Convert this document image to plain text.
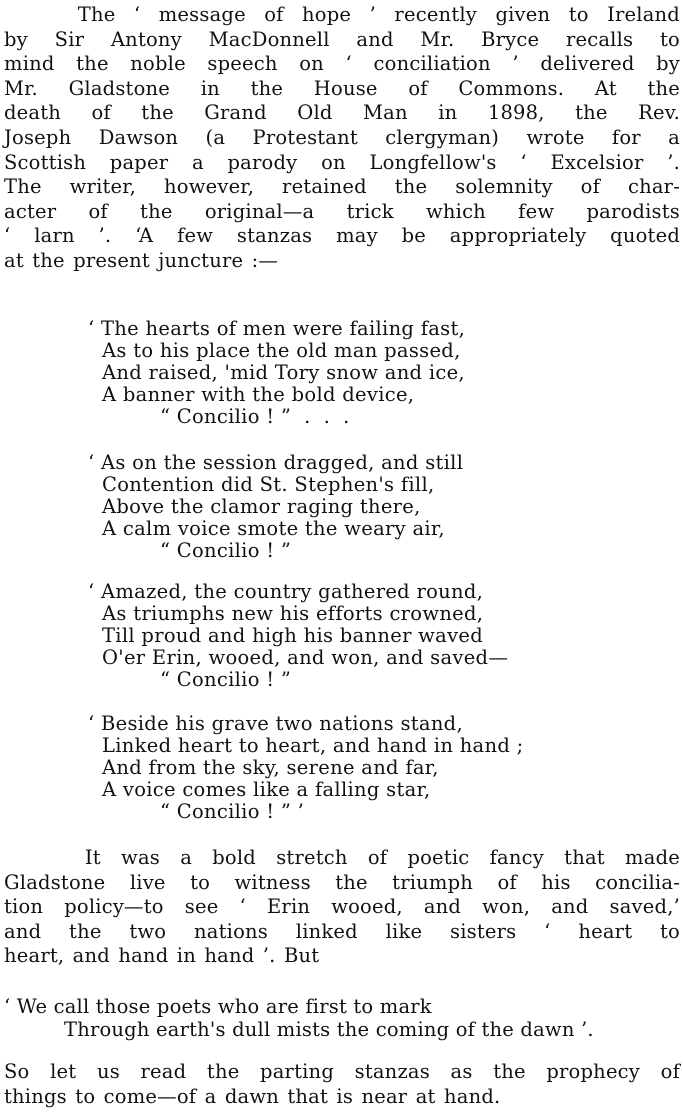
The ‘ message of hope ’ recently given to Ireland
by Sir Antony MacDonnell and Mr. Bryce recalls to
mind the noble speech on ‘ conciliation ’ delivered by
Mr. Gladstone in the House of Commons. At the
death of the Grand Old Man in 1898, the Rev.
Joseph Dawson (a Protestant clergyman) wrote for a
Scottish paper a parody on Longfellow's ‘ Excelsior ’.
The writer, however, retained the solemnity of char-
acter of the original—a trick which few parodists
‘ larn ’. ‘A few stanzas may be appropriately quoted
at the present juncture :—
‘ The hearts of men were failing fast,
As to his place the old man passed,
And raised, 'mid Tory snow and ice,
A banner with the bold device,
“ Concilio ! ”  .  .  .
‘ As on the session dragged, and still
Contention did St. Stephen's fill,
Above the clamor raging there,
A calm voice smote the weary air,
“ Concilio ! ”
‘ Amazed, the country gathered round,
As triumphs new his efforts crowned,
Till proud and high his banner waved
O'er Erin, wooed, and won, and saved—
“ Concilio ! ”
‘ Beside his grave two nations stand,
Linked heart to heart, and hand in hand ;
And from the sky, serene and far,
A voice comes like a falling star,
“ Concilio ! ” ’
It was a bold stretch of poetic fancy that made
Gladstone live to witness the triumph of his concilia-
tion policy—to see ‘ Erin wooed, and won, and saved,’
and the two nations linked like sisters ‘ heart to
heart, and hand in hand ’. But
‘ We call those poets who are first to mark
Through earth's dull mists the coming of the dawn ’.
So let us read the parting stanzas as the prophecy of
things to come—of a dawn that is near at hand.
